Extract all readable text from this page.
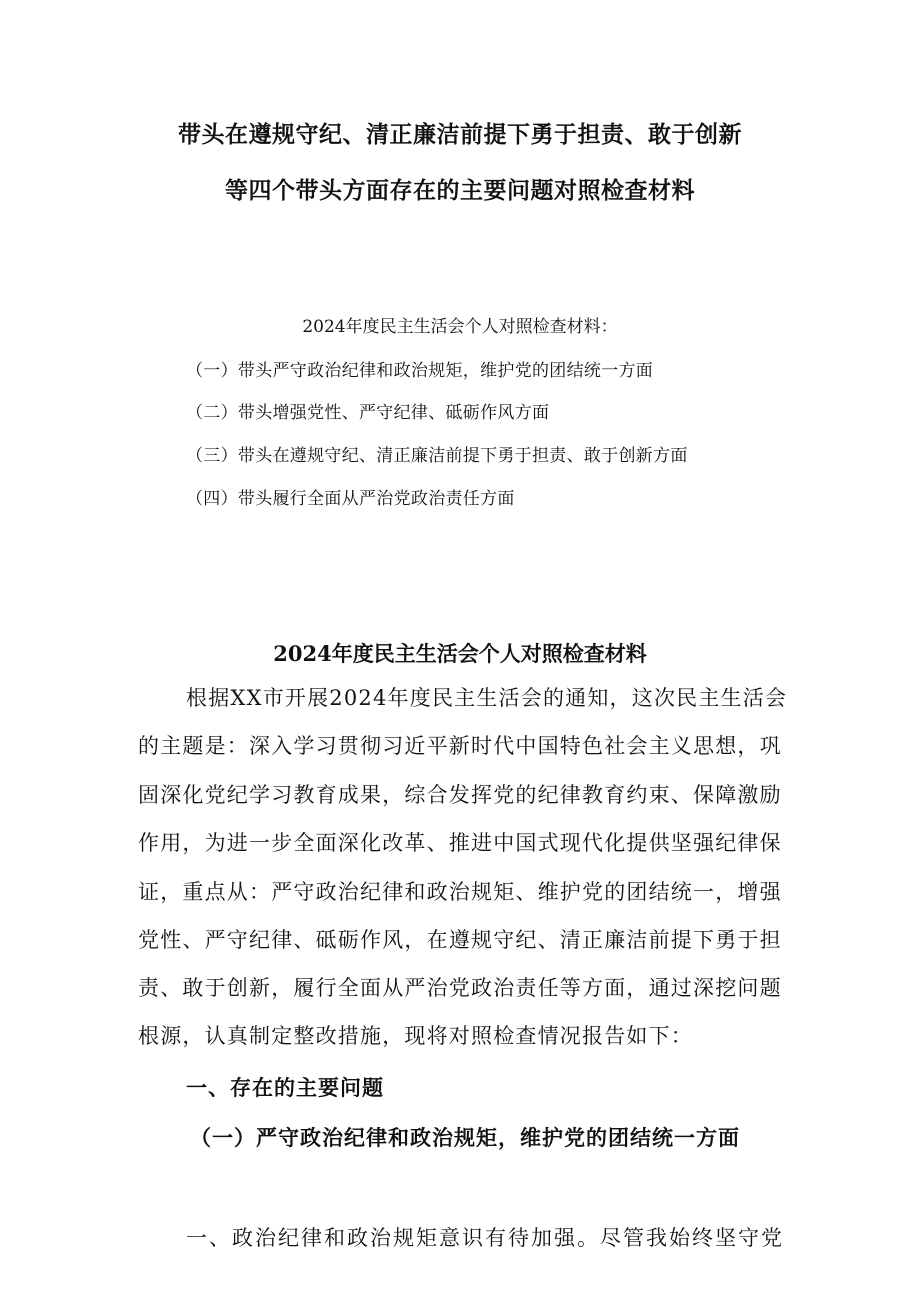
带头在遵规守纪、清正廉洁前提下勇于担责、敢于创新
等四个带头方面存在的主要问题对照检查材料
2024年度民主生活会个人对照检查材料：
（一）带头严守政治纪律和政治规矩，维护党的团结统一方面
（二）带头增强党性、严守纪律、砥砺作风方面
（三）带头在遵规守纪、清正廉洁前提下勇于担责、敢于创新方面
（四）带头履行全面从严治党政治责任方面
2024年度民主生活会个人对照检查材料
根据XX市开展2024年度民主生活会的通知，这次民主生活会
的主题是：深入学习贯彻习近平新时代中国特色社会主义思想，巩
固深化党纪学习教育成果，综合发挥党的纪律教育约束、保障激励
作用，为进一步全面深化改革、推进中国式现代化提供坚强纪律保
证，重点从：严守政治纪律和政治规矩、维护党的团结统一，增强
党性、严守纪律、砥砺作风，在遵规守纪、清正廉洁前提下勇于担
责、敢于创新，履行全面从严治党政治责任等方面，通过深挖问题
根源，认真制定整改措施，现将对照检查情况报告如下：
一、存在的主要问题
（一）严守政治纪律和政治规矩，维护党的团结统一方面
一、政治纪律和政治规矩意识有待加强。尽管我始终坚守党
